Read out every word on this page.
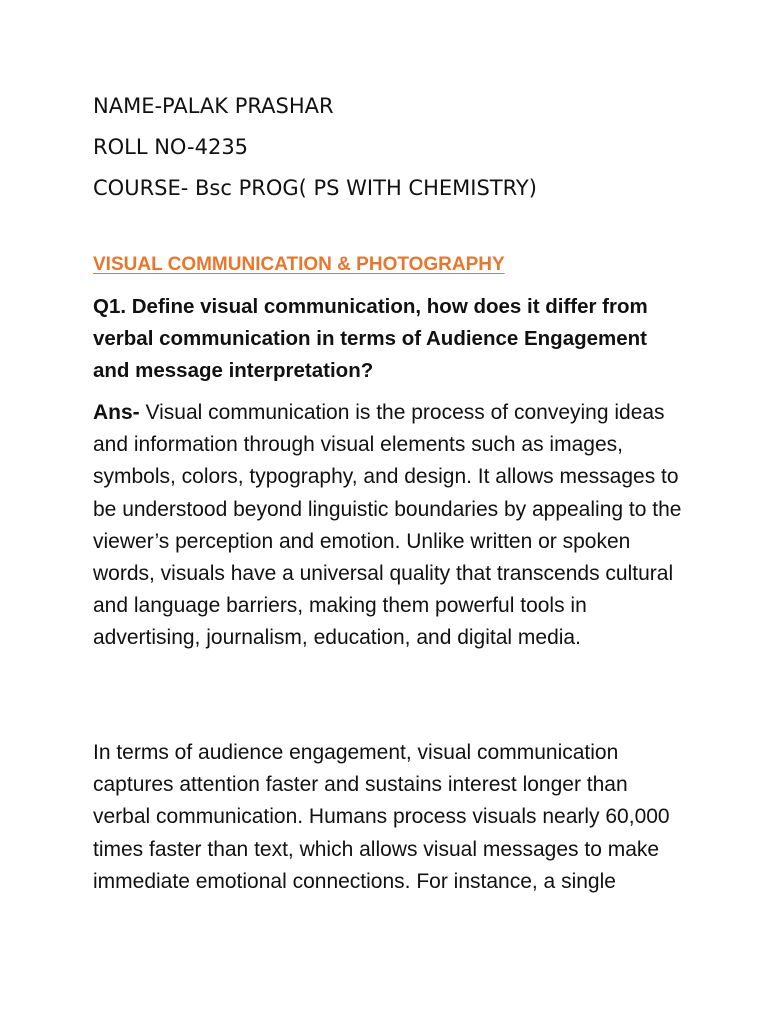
NAME-PALAK PRASHAR
ROLL NO-4235
COURSE- Bsc PROG( PS WITH CHEMISTRY)
VISUAL COMMUNICATION & PHOTOGRAPHY
Q1. Define visual communication, how does it differ from verbal communication in terms of Audience Engagement and message interpretation?
Ans- Visual communication is the process of conveying ideas and information through visual elements such as images, symbols, colors, typography, and design. It allows messages to be understood beyond linguistic boundaries by appealing to the viewer’s perception and emotion. Unlike written or spoken words, visuals have a universal quality that transcends cultural and language barriers, making them powerful tools in advertising, journalism, education, and digital media.
In terms of audience engagement, visual communication captures attention faster and sustains interest longer than verbal communication. Humans process visuals nearly 60,000 times faster than text, which allows visual messages to make immediate emotional connections. For instance, a single
